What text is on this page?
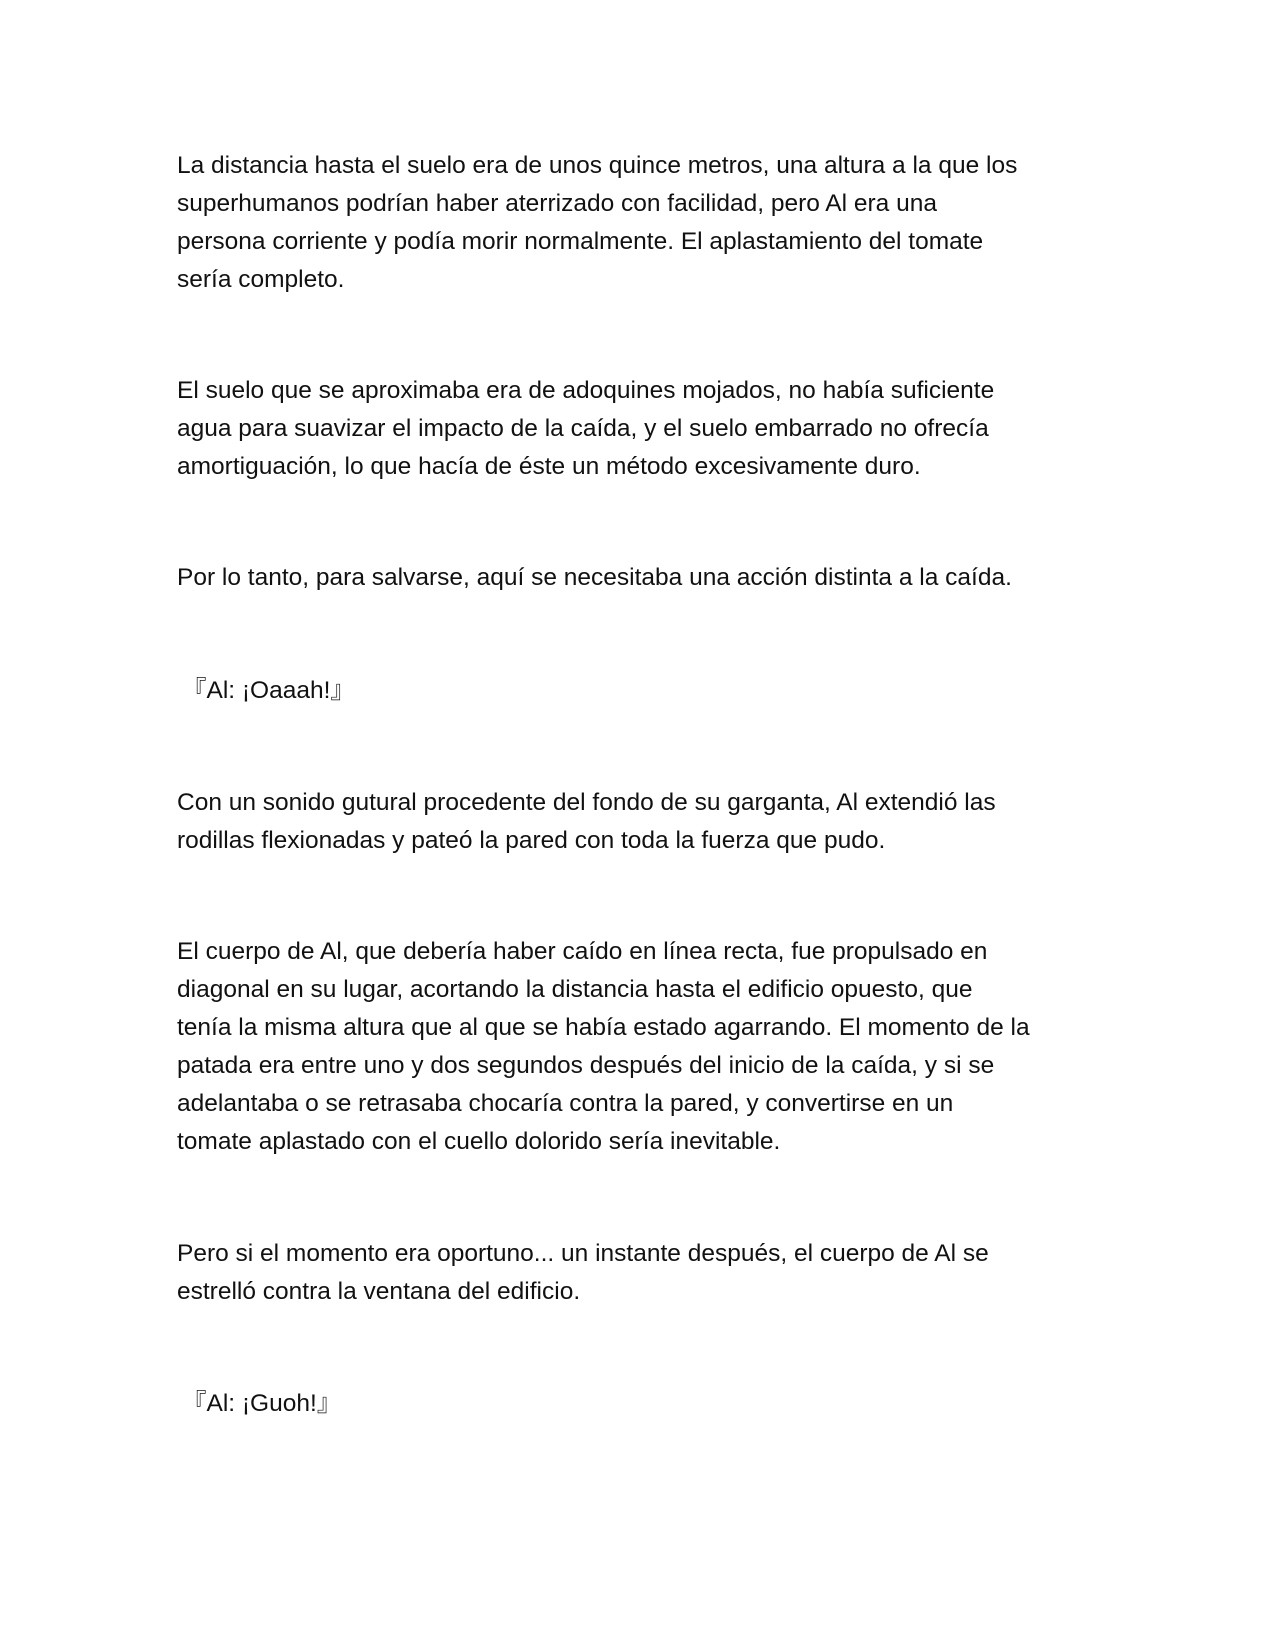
La distancia hasta el suelo era de unos quince metros, una altura a la que los
superhumanos podrían haber aterrizado con facilidad, pero Al era una
persona corriente y podía morir normalmente. El aplastamiento del tomate
sería completo.

El suelo que se aproximaba era de adoquines mojados, no había suficiente
agua para suavizar el impacto de la caída, y el suelo embarrado no ofrecía
amortiguación, lo que hacía de éste un método excesivamente duro.

Por lo tanto, para salvarse, aquí se necesitaba una acción distinta a la caída.

『Al: ¡Oaaah!』

Con un sonido gutural procedente del fondo de su garganta, Al extendió las
rodillas flexionadas y pateó la pared con toda la fuerza que pudo.

El cuerpo de Al, que debería haber caído en línea recta, fue propulsado en
diagonal en su lugar, acortando la distancia hasta el edificio opuesto, que
tenía la misma altura que al que se había estado agarrando. El momento de la
patada era entre uno y dos segundos después del inicio de la caída, y si se
adelantaba o se retrasaba chocaría contra la pared, y convertirse en un
tomate aplastado con el cuello dolorido sería inevitable.

Pero si el momento era oportuno... un instante después, el cuerpo de Al se
estrelló contra la ventana del edificio.

『Al: ¡Guoh!』
